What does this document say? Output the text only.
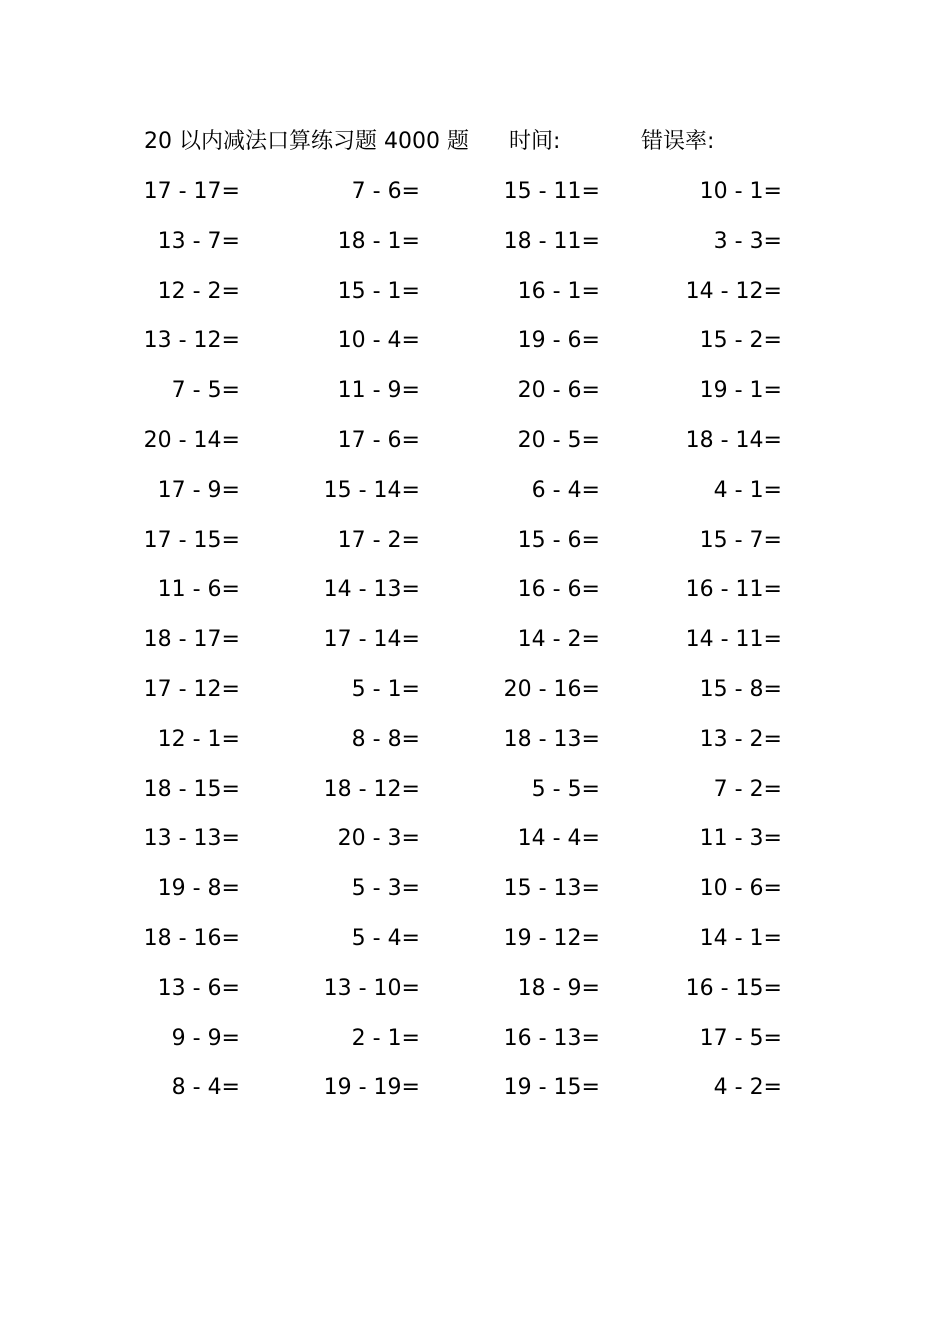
20 以内减法口算练习题 4000 题 时间:	错误率:
17 - 17=	7 - 6=	15 - 11=	10 - 1=
13 - 7=	18 - 1=	18 - 11=	3 - 3=
12 - 2=	15 - 1=	16 - 1=	14 - 12=
13 - 12=	10 - 4=	19 - 6=	15 - 2=
7 - 5=	11 - 9=	20 - 6=	19 - 1=
20 - 14=	17 - 6=	20 - 5=	18 - 14=
17 - 9=	15 - 14=	6 - 4=	4 - 1=
17 - 15=	17 - 2=	15 - 6=	15 - 7=
11 - 6=	14 - 13=	16 - 6=	16 - 11=
18 - 17=	17 - 14=	14 - 2=	14 - 11=
17 - 12=	5 - 1=	20 - 16=	15 - 8=
12 - 1=	8 - 8=	18 - 13=	13 - 2=
18 - 15=	18 - 12=	5 - 5=	7 - 2=
13 - 13=	20 - 3=	14 - 4=	11 - 3=
19 - 8=	5 - 3=	15 - 13=	10 - 6=
18 - 16=	5 - 4=	19 - 12=	14 - 1=
13 - 6=	13 - 10=	18 - 9=	16 - 15=
9 - 9=	2 - 1=	16 - 13=	17 - 5=
8 - 4=	19 - 19=	19 - 15=	4 - 2=
